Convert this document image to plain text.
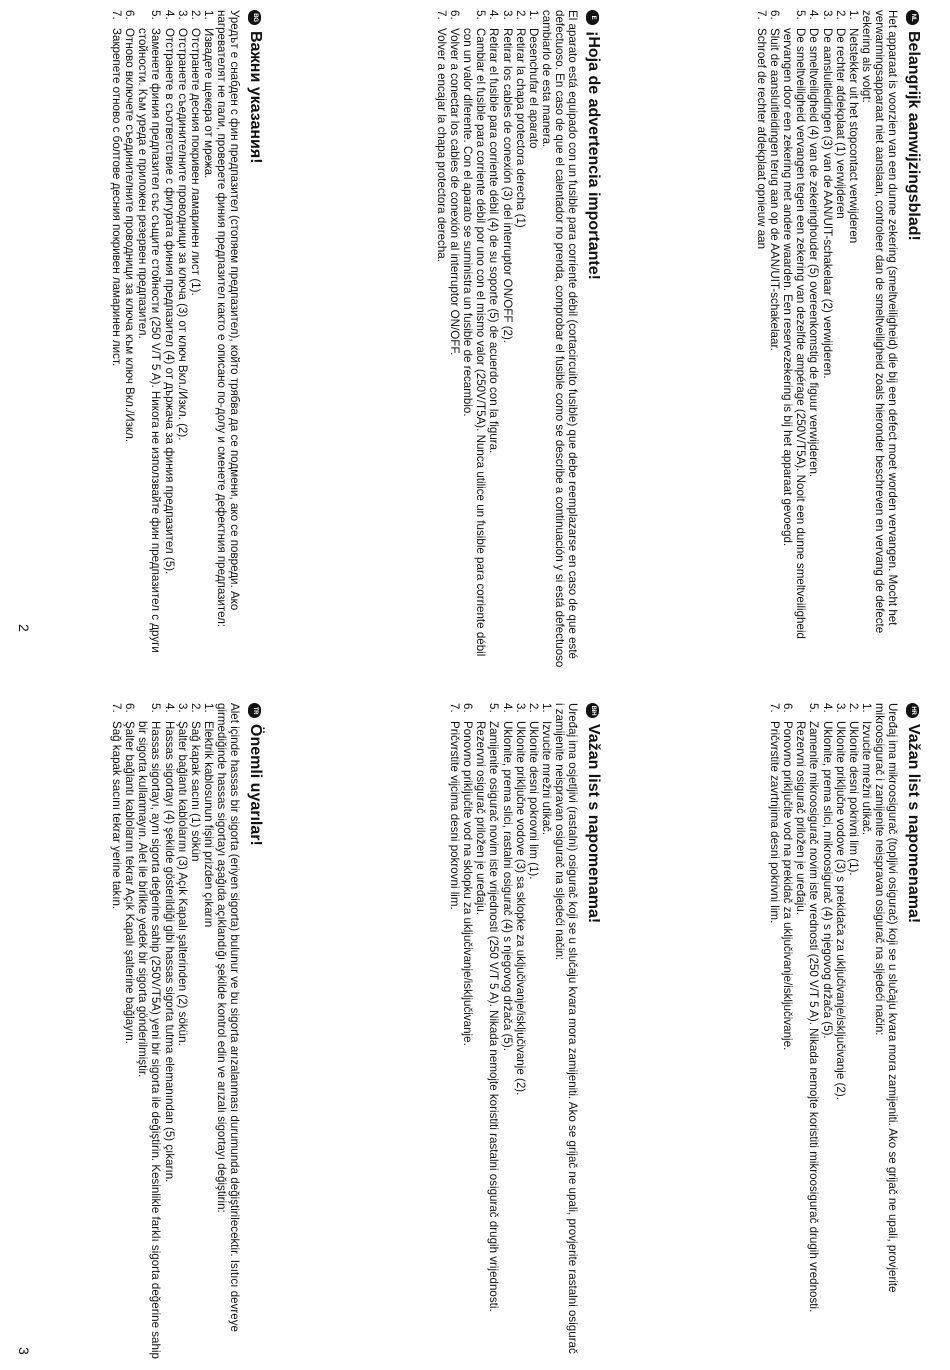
NL
Belangrijk aanwijzingsblad!

Het apparaat is voorzien van een dunne zekering (smeltveiligheid) die bij een defect moet worden vervangen. Mocht het verwarmingsapparaat niet aanslaan, controleer dan de smeltveiligheid zoals hieronder beschreven en vervang de defecte zekering als volgt:

1.
Netstekker uit het stopcontact verwijderen
2.
De rechter afdekplaat (1) verwijderen
3.
De aansluitleidingen (3) van de AAN/UIT-schakelaar (2) verwijderen.
4.
De smeltveiligheid (4) van de zekeringhouder (5) overeenkomstig de figuur verwijderen.
5.
De smeltveiligheid vervangen tegen een zekering van dezelfde ampérage (250V/T5A). Nooit een dunne smeltveiligheid vervangen door een zekering met andere waarden. Een reservezekering is bij het apparaat gevoegd.
6.
Sluit de aansluitleidingen terug aan op de AAN/UIT-schakelaar.
7.
Schroef de rechter afdekplaat opnieuw aan
E
¡Hoja de advertencia importante!

El aparato está equipado con un fusible para corriente débil (cortacircuito fusible) que debe reemplazarse en caso de que esté defectuoso. En caso de que el calentador no prenda, comprobar el fusible como se describe a continuación y si está defectuoso cambiarlo de esta manera.

1.
Desenchufar el aparato
2.
Retirar la chapa protectora derecha (1)
3.
Retirar los cables de conexión (3) del interruptor ON/OFF (2).
4.
Retirar el fusible para corriente débil (4) de su soporte (5) de acuerdo con la figura.
5.
Cambiar el fusible para corriente débil por uno con el mismo valor (250V/T5A). Nunca utilice un fusible para corriente débil con un valor diferente. Con el aparato se suministra un fusible de recambio.
6.
Volver a conectar los cables de conexión al interruptor ON/OFF.
7.
Volver a encajar la chapa protectora derecha.
BG
Важни указания!

Уредът е снабден с фин предпазител (стопяем предпазител), който трябва да се подмени, ако се повреди. Ако нагревателят не пали, проверете финия предпазител както е описано по-долу и сменете дефектния предпазител:

1.
Извадете щекера от мрежа.
2.
Отстранете десния покривен ламаринен лист (1).
3.
Отстранете съединителните проводници за ключа (3) от ключ Вкл./Изкл. (2).
4.
Отстранете в съответствие с фигурата финия предпазител (4) от държача за финия предпазител (5).
5.
Заменете финия предпазител със същите стойности (250 V/T 5 A). Никога не използвайте фин предпазител с други стойности. Към уреда е приложен резервен предпазител.
6.
Отново включете съединителните проводници за ключа към ключ Вкл./Изкл.
7.
Закрепете отново с болтове десния покривен ламаринен лист.
2
HR
Važan list s napomenama!

Uređaj ima mikroosigurač (topljivi osigurač) koji se u slučaju kvara mora zamijeniti. Ako se grijač ne upali, provjerite mikroosigurač i zamijenite neispravan osigurač na sljedeći način:

1.
Izvucite mrežni utikač.
2.
Uklonite desni pokrivni lim (1).
3.
Uklonite priključne vodove (3) s prekidača za uključivanje/isključivanje (2).
4.
Uklonite, prema slici, mikroosigurač (4) s njegovog držača (5).
5.
Zamenite mikroosigurač novim iste vrednosti (250 V/T 5 A). Nikada nemojte koristiti mikroosigurač drugih vrednosti. Rezervni osigurač priložen je uređaju.
6.
Ponovno priključite vod na prekidač za uključivanje/isključivanje.
7.
Pričvrstite zavrtnjima desni pokrivni lim.
BiH
Važan list s napomenama!

Uređaj ima osjetljivi (rastalni) osigurač koji se u slučaju kvara mora zamijeniti. Ako se grijač ne upali, provjerite rastalni osigurač i zamijenite neispravan osigurač na sljedeći način:

1.
Izvucite mrežni utikač.
2.
Uklonite desni pokrovni lim (1).
3.
Uklonite priključne vodove (3) sa sklopke za uključivanje/isključivanje (2).
4.
Uklonite, prema slici, rastalni osigurač (4) s njegovog držača (5).
5.
Zamijenite osigurač novim iste vrijednosti (250 V/T 5 A). Nikada nemojte koristiti rastalni osigurač drugih vrijednosti. Rezervni osigurač priložen je uređaju.
6.
Ponovno priključite vod na sklopku za uključivanje/isključivanje.
7.
Pričvrstite vijcima desni pokrovni lim.
TR
Önemli uyarılar!

Alet içinde hassas bir sigorta (eriyen sigorta) bulunur ve bu sigorta arızalanması durumunda değiştirilecektir. Isıtıcı devreye girmediğinde hassas sigortayı aşağıda açıklandığı şekilde kontrol edin ve arızalı sigortayı değiştirin:

1.
Elektrik kablosunun fişini prizden çıkarın
2.
Sağ kapak sacını (1) sökün
3.
Şalter bağlantı kablolarını (3) Açık Kapalı şalterinden (2) sökün.
4.
Hassas sigortayı (4) şekilde gösterildiği gibi hassas sigorta tutma elemanından (5) çıkarın.
5.
Hassas sigortayı, aynı sigorta değerine sahip (250V/T5A) yeni bir sigorta ile değiştirin. Kesinlikle farklı sigorta değerine sahip bir sigorta kullanmayın. Alet ile birlikte yedek bir sigorta gönderilmiştir.
6.
Şalter bağlantı kablolarını tekrar Açık Kapalı şalterine bağlayın.
7.
Sağ kapak sacını tekrar yerine takın.
3
